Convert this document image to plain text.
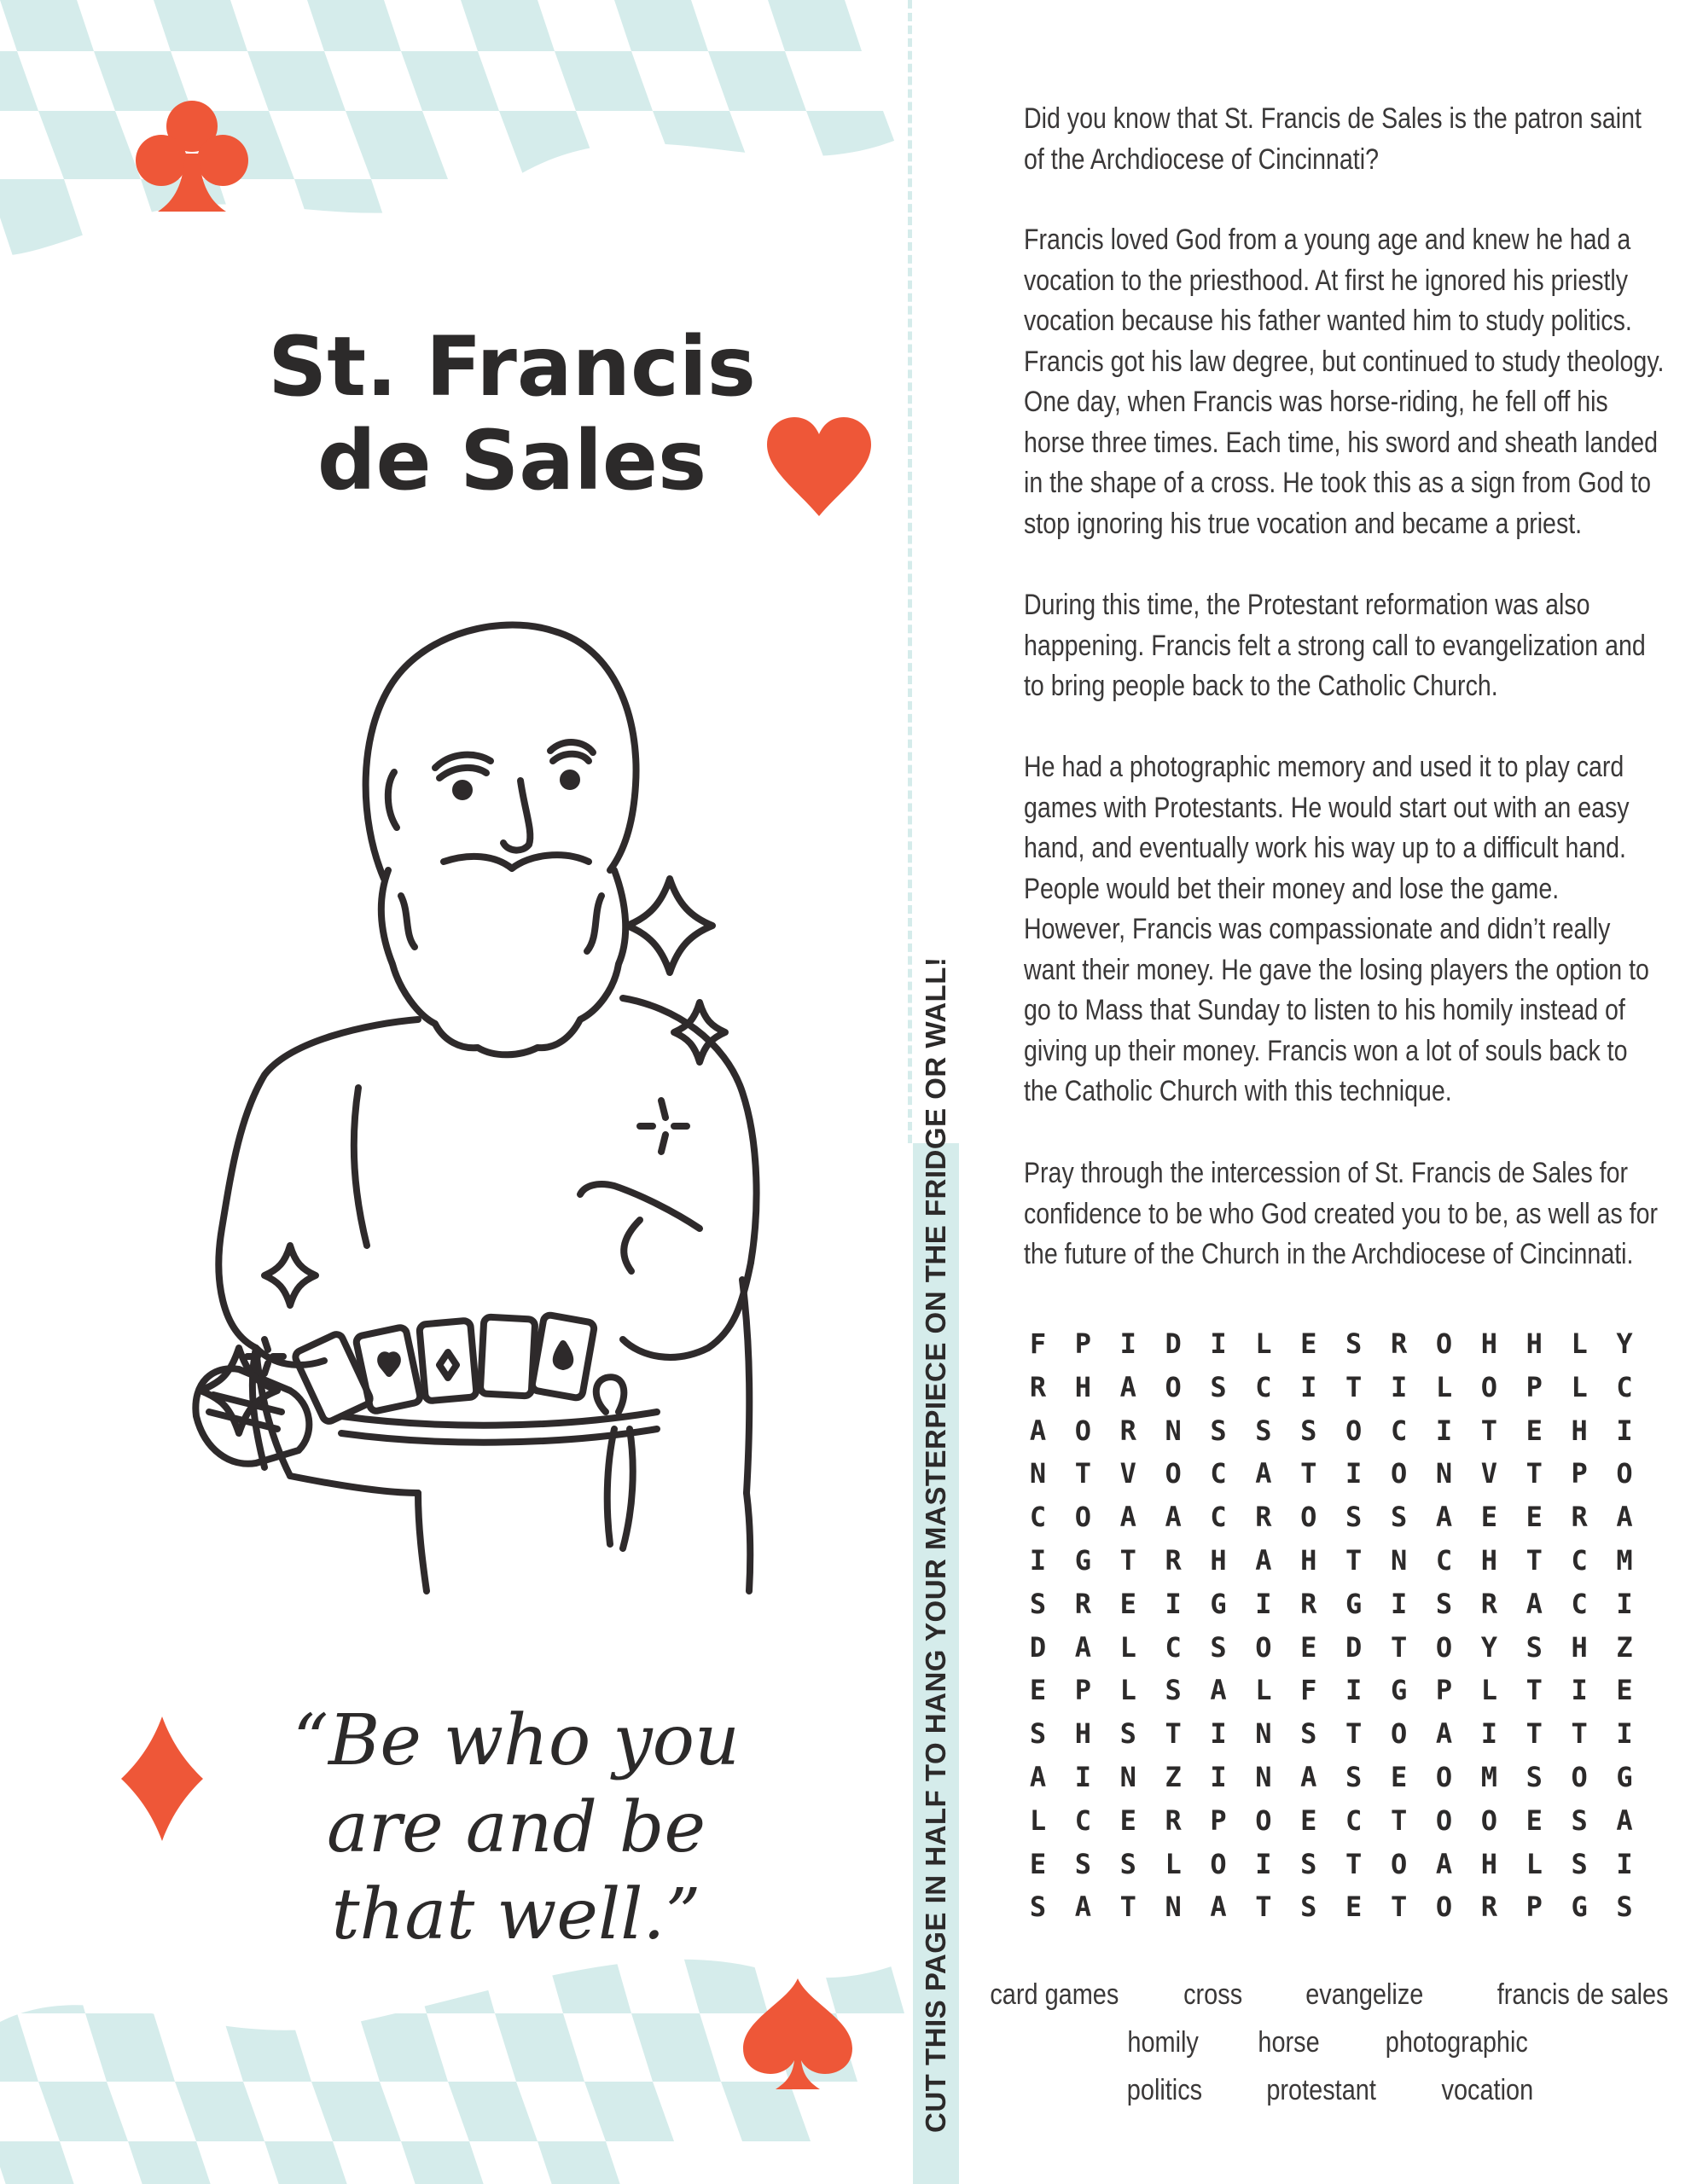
St. Francis
de Sales
“Be who you
are and be
that well.”	CUT THIS PAGE IN HALF TO HANG YOUR MASTERPIECE ON THE FRIDGE OR WALL!
Did you know that St. Francis de Sales is the patron saint
of the Archdiocese of Cincinnati?
Francis loved God from a young age and knew he had a
vocation to the priesthood. At first he ignored his priestly
vocation because his father wanted him to study politics.
Francis got his law degree, but continued to study theology.
One day, when Francis was horse-riding, he fell off his
horse three times. Each time, his sword and sheath landed
in the shape of a cross. He took this as a sign from God to
stop ignoring his true vocation and became a priest.
During this time, the Protestant reformation was also
happening. Francis felt a strong call to evangelization and
to bring people back to the Catholic Church.
He had a photographic memory and used it to play card
games with Protestants. He would start out with an easy
hand, and eventually work his way up to a difficult hand.
People would bet their money and lose the game.
However, Francis was compassionate and didn’t really
want their money. He gave the losing players the option to
go to Mass that Sunday to listen to his homily instead of
giving up their money. Francis won a lot of souls back to
the Catholic Church with this technique.
Pray through the intercession of St. Francis de Sales for
confidence to be who God created you to be, as well as for
the future of the Church in the Archdiocese of Cincinnati.
F	P	I	D	I	L	E	S	R	O	H	H	L	Y
R	H	A	O	S	C	I	T	I	L	O	P	L	C
A	O	R	N	S	S	S	O	C	I	T	E	H	I
N	T	V	O	C	A	T	I	O	N	V	T	P	O
C	O	A	A	C	R	O	S	S	A	E	E	R	A
I	G	T	R	H	A	H	T	N	C	H	T	C	M
S	R	E	I	G	I	R	G	I	S	R	A	C	I
D	A	L	C	S	O	E	D	T	O	Y	S	H	Z
E	P	L	S	A	L	F	I	G	P	L	T	I	E
S	H	S	T	I	N	S	T	O	A	I	T	T	I
A	I	N	Z	I	N	A	S	E	O	M	S	O	G
L	C	E	R	P	O	E	C	T	O	O	E	S	A
E	S	S	L	O	I	S	T	O	A	H	L	S	I
S	A	T	N	A	T	S	E	T	O	R	P	G	S
card games cross evangelize	francis de sales
homily horse photographic
politics protestant vocation
